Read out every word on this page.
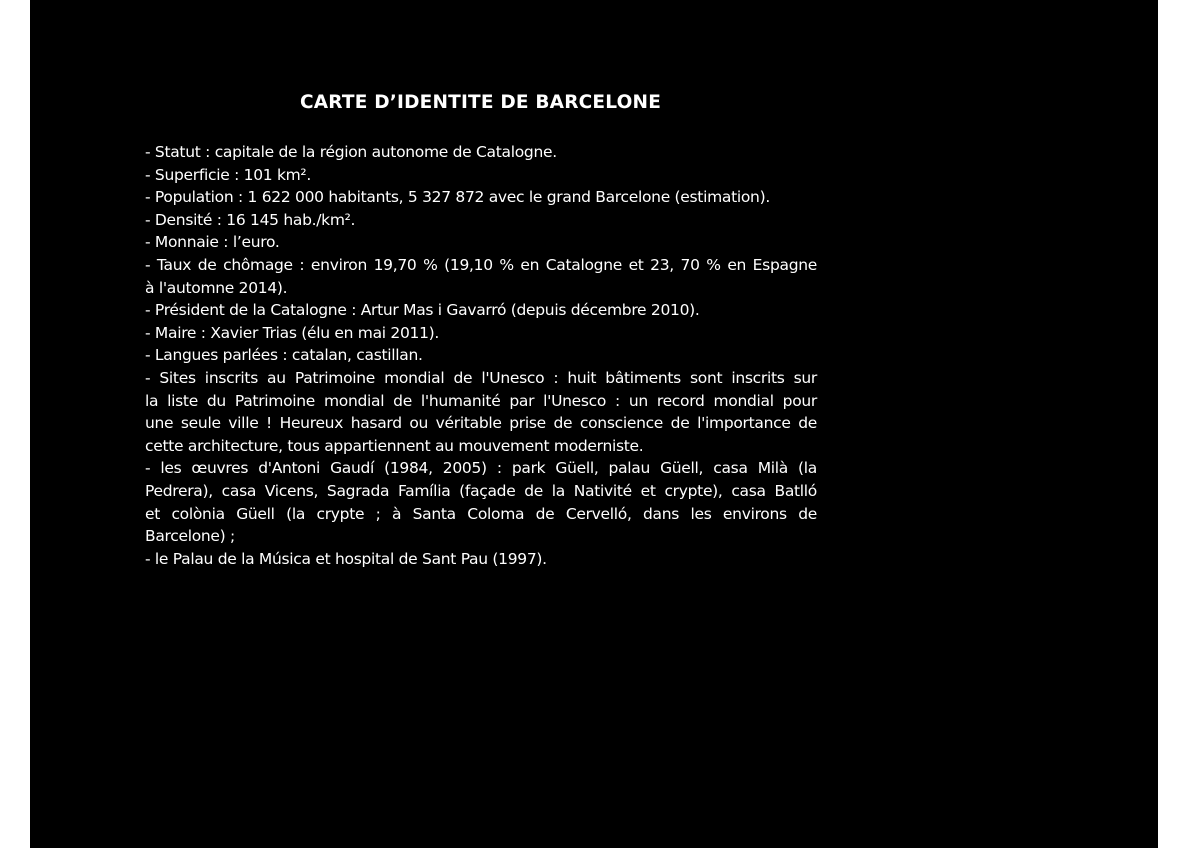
CARTE D’IDENTITE DE BARCELONE
- Statut : capitale de la région autonome de Catalogne.
- Superficie : 101 km².
- Population : 1 622 000 habitants, 5 327 872 avec le grand Barcelone (estimation).
- Densité : 16 145 hab./km².
- Monnaie : l’euro.
- Taux de chômage : environ 19,70 % (19,10 % en Catalogne et 23, 70 % en Espagne
à l'automne 2014).
- Président de la Catalogne : Artur Mas i Gavarró (depuis décembre 2010).
- Maire : Xavier Trias (élu en mai 2011).
- Langues parlées : catalan, castillan.
- Sites inscrits au Patrimoine mondial de l'Unesco : huit bâtiments sont inscrits sur
la liste du Patrimoine mondial de l'humanité par l'Unesco : un record mondial pour
une seule ville ! Heureux hasard ou véritable prise de conscience de l'importance de
cette architecture, tous appartiennent au mouvement moderniste.
- les œuvres d'Antoni Gaudí (1984, 2005) : park Güell, palau Güell, casa Milà (la
Pedrera), casa Vicens, Sagrada Família (façade de la Nativité et crypte), casa Batlló
et colònia Güell (la crypte ; à Santa Coloma de Cervelló, dans les environs de
Barcelone) ;
- le Palau de la Música et hospital de Sant Pau (1997).
